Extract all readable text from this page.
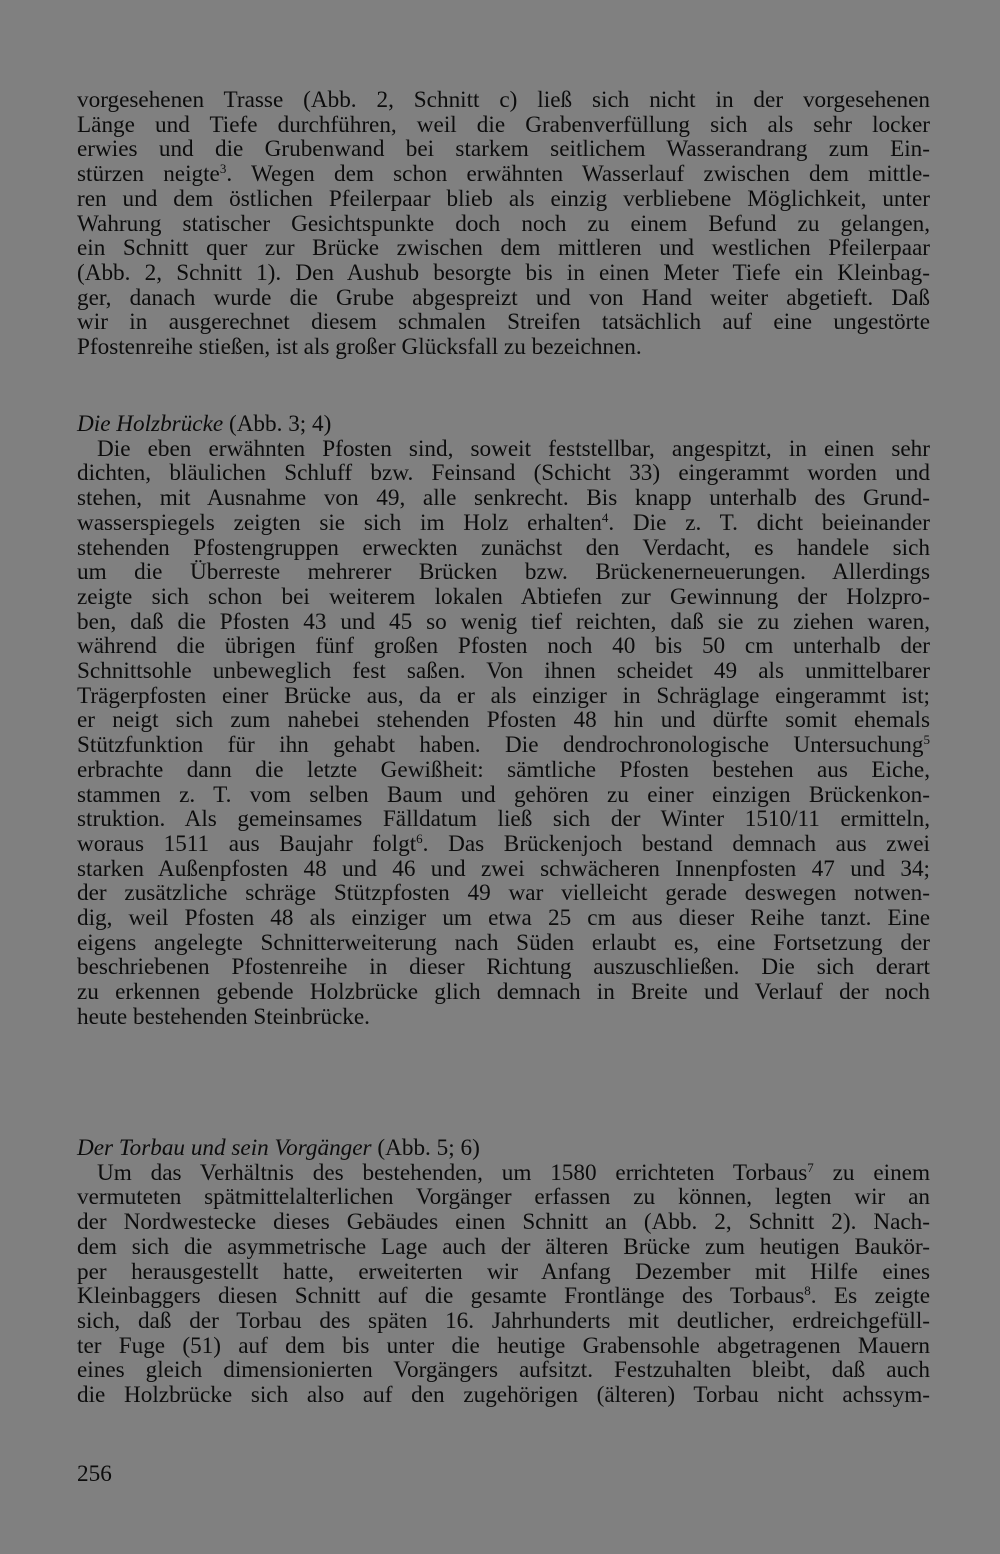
vorgesehenen Trasse (Abb. 2, Schnitt c) ließ sich nicht in der vorgesehenen
Länge und Tiefe durchführen, weil die Grabenverfüllung sich als sehr locker
erwies und die Grubenwand bei starkem seitlichem Wasserandrang zum Ein-
stürzen neigte$^3$. Wegen dem schon erwähnten Wasserlauf zwischen dem mittle-
ren und dem östlichen Pfeilerpaar blieb als einzig verbliebene Möglichkeit, unter
Wahrung statischer Gesichtspunkte doch noch zu einem Befund zu gelangen,
ein Schnitt quer zur Brücke zwischen dem mittleren und westlichen Pfeilerpaar
(Abb. 2, Schnitt 1). Den Aushub besorgte bis in einen Meter Tiefe ein Kleinbag-
ger, danach wurde die Grube abgespreizt und von Hand weiter abgetieft. Daß
wir in ausgerechnet diesem schmalen Streifen tatsächlich auf eine ungestörte
Pfostenreihe stießen, ist als großer Glücksfall zu bezeichnen.
Die Holzbrücke (Abb. 3; 4)
Die eben erwähnten Pfosten sind, soweit feststellbar, angespitzt, in einen sehr
dichten, bläulichen Schluff bzw. Feinsand (Schicht 33) eingerammt worden und
stehen, mit Ausnahme von 49, alle senkrecht. Bis knapp unterhalb des Grund-
wasserspiegels zeigten sie sich im Holz erhalten$^4$. Die z. T. dicht beieinander
stehenden Pfostengruppen erweckten zunächst den Verdacht, es handele sich
um die Überreste mehrerer Brücken bzw. Brückenerneuerungen. Allerdings
zeigte sich schon bei weiterem lokalen Abtiefen zur Gewinnung der Holzpro-
ben, daß die Pfosten 43 und 45 so wenig tief reichten, daß sie zu ziehen waren,
während die übrigen fünf großen Pfosten noch 40 bis 50 cm unterhalb der
Schnittsohle unbeweglich fest saßen. Von ihnen scheidet 49 als unmittelbarer
Trägerpfosten einer Brücke aus, da er als einziger in Schräglage eingerammt ist;
er neigt sich zum nahebei stehenden Pfosten 48 hin und dürfte somit ehemals
Stützfunktion für ihn gehabt haben. Die dendrochronologische Untersuchung$^5$
erbrachte dann die letzte Gewißheit: sämtliche Pfosten bestehen aus Eiche,
stammen z. T. vom selben Baum und gehören zu einer einzigen Brückenkon-
struktion. Als gemeinsames Fälldatum ließ sich der Winter 1510/11 ermitteln,
woraus 1511 aus Baujahr folgt$^6$. Das Brückenjoch bestand demnach aus zwei
starken Außenpfosten 48 und 46 und zwei schwächeren Innenpfosten 47 und 34;
der zusätzliche schräge Stützpfosten 49 war vielleicht gerade deswegen notwen-
dig, weil Pfosten 48 als einziger um etwa 25 cm aus dieser Reihe tanzt. Eine
eigens angelegte Schnitterweiterung nach Süden erlaubt es, eine Fortsetzung der
beschriebenen Pfostenreihe in dieser Richtung auszuschließen. Die sich derart
zu erkennen gebende Holzbrücke glich demnach in Breite und Verlauf der noch
heute bestehenden Steinbrücke.
Der Torbau und sein Vorgänger (Abb. 5; 6)
Um das Verhältnis des bestehenden, um 1580 errichteten Torbaus$^7$ zu einem
vermuteten spätmittelalterlichen Vorgänger erfassen zu können, legten wir an
der Nordwestecke dieses Gebäudes einen Schnitt an (Abb. 2, Schnitt 2). Nach-
dem sich die asymmetrische Lage auch der älteren Brücke zum heutigen Baukör-
per herausgestellt hatte, erweiterten wir Anfang Dezember mit Hilfe eines
Kleinbaggers diesen Schnitt auf die gesamte Frontlänge des Torbaus$^8$. Es zeigte
sich, daß der Torbau des späten 16. Jahrhunderts mit deutlicher, erdreichgefüll-
ter Fuge (51) auf dem bis unter die heutige Grabensohle abgetragenen Mauern
eines gleich dimensionierten Vorgängers aufsitzt. Festzuhalten bleibt, daß auch
die Holzbrücke sich also auf den zugehörigen (älteren) Torbau nicht achssym-
256
